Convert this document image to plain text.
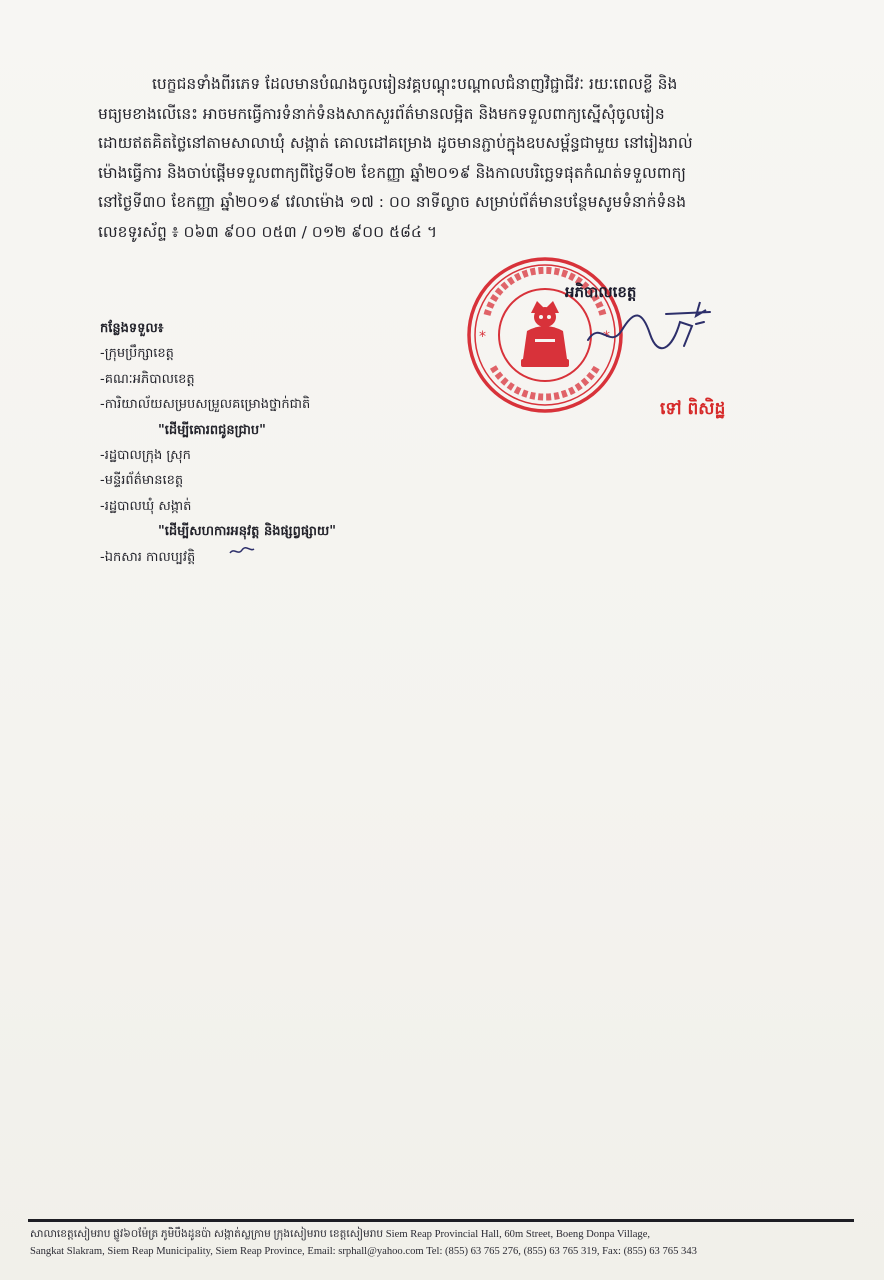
បេក្ខជនទាំងពីរភេទ ដែលមានបំណងចូលរៀនវគ្គបណ្តុះបណ្តាលជំនាញវិជ្ជាជីវៈ រយៈពេលខ្លី និង
មធ្យមខាងលើនេះ អាចមកធ្វើការទំនាក់ទំនងសាកសួរព័ត៌មានលម្អិត និងមកទទួលពាក្យស្នើសុំចូលរៀន
ដោយឥតគិតថ្លៃនៅតាមសាលាឃុំ សង្កាត់ គោលដៅគម្រោង ដូចមានភ្ជាប់ក្នុងឧបសម្ព័ន្ធជាមួយ នៅរៀងរាល់
ម៉ោងធ្វើការ និងចាប់ផ្តើមទទួលពាក្យពីថ្ងៃទី០២ ខែកញ្ញា ឆ្នាំ២០១៩ និងកាលបរិច្ឆេទផុតកំណត់ទទួលពាក្យ
នៅថ្ងៃទី៣០ ខែកញ្ញា ឆ្នាំ២០១៩ វេលាម៉ោង ១៧ : ០០ នាទីល្ងាច សម្រាប់ព័ត៌មានបន្ថែមសូមទំនាក់ទំនង
លេខទូរស័ព្ទ ៖ ០៦៣ ៩០០ ០៥៣ / ០១២ ៩០០ ៥៨៤ ។
*	*
អភិបាលខេត្ត
ទៅ ពិសិដ្ឋ
កន្លែងទទួល៖
-ក្រុមប្រឹក្សាខេត្ត
-គណៈអភិបាលខេត្ត
-ការិយាល័យសម្របសម្រួលគម្រោងថ្នាក់ជាតិ
"ដើម្បីគោរពជូនជ្រាប"
-រដ្ឋបាលក្រុង ស្រុក
-មន្ទីរព័ត៌មានខេត្ត
-រដ្ឋបាលឃុំ សង្កាត់
"ដើម្បីសហការអនុវត្ត និងផ្សព្វផ្សាយ"
-ឯកសារ កាលប្បវត្តិ
សាលាខេត្តសៀមរាប ផ្លូវ៦០ម៉ែត្រ ភូមិបឹងដូនប៉ា សង្កាត់ស្លក្រាម ក្រុងសៀមរាប ខេត្តសៀមរាប Siem Reap Provincial Hall, 60m Street, Boeng Donpa Village,
Sangkat Slakram, Siem Reap Municipality, Siem Reap Province, Email: srphall@yahoo.com Tel: (855) 63 765 276, (855) 63 765 319, Fax: (855) 63 765 343
